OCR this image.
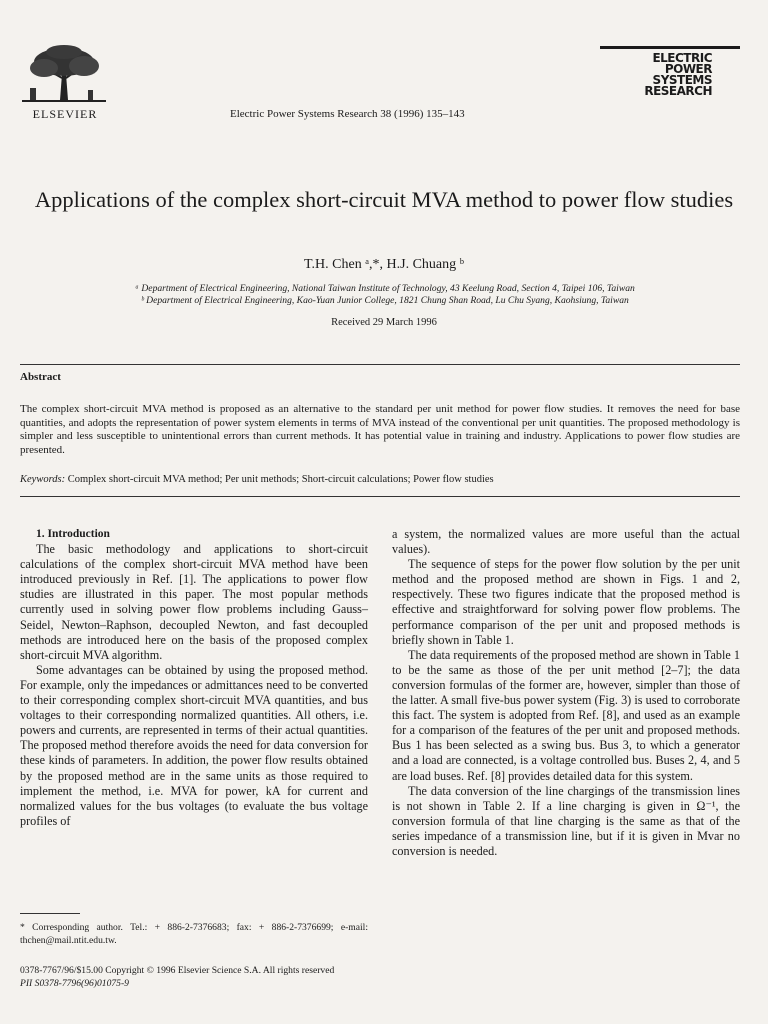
ELSEVIER	Electric Power Systems Research 38 (1996) 135–143
ELECTRIC
POWER
SYSTEMS
RESEARCH
Applications of the complex short-circuit MVA method to power flow studies
T.H. Chen ᵃ,*, H.J. Chuang ᵇ
ᵃ Department of Electrical Engineering, National Taiwan Institute of Technology, 43 Keelung Road, Section 4, Taipei 106, Taiwan
ᵇ Department of Electrical Engineering, Kao-Yuan Junior College, 1821 Chung Shan Road, Lu Chu Syang, Kaohsiung, Taiwan
Received 29 March 1996
Abstract
The complex short-circuit MVA method is proposed as an alternative to the standard per unit method for power flow studies. It removes the need for base quantities, and adopts the representation of power system elements in terms of MVA instead of the conventional per unit quantities. The proposed methodology is simpler and less susceptible to unintentional errors than current methods. It has potential value in training and industry. Applications to power flow studies are presented.
Keywords: Complex short-circuit MVA method; Per unit methods; Short-circuit calculations; Power flow studies

1. Introduction

The basic methodology and applications to short-circuit calculations of the complex short-circuit MVA method have been introduced previously in Ref. [1]. The applications to power flow studies are illustrated in this paper. The most popular methods currently used in solving power flow problems including Gauss–Seidel, Newton–Raphson, decoupled Newton, and fast decoupled methods are introduced here on the basis of the proposed complex short-circuit MVA algorithm.

Some advantages can be obtained by using the proposed method. For example, only the impedances or admittances need to be converted to their corresponding complex short-circuit MVA quantities, and bus voltages to their corresponding normalized quantities. All others, i.e. powers and currents, are represented in terms of their actual quantities. The proposed method therefore avoids the need for data conversion for these kinds of parameters. In addition, the power flow results obtained by the proposed method are in the same units as those required to implement the method, i.e. MVA for power, kA for current and normalized values for the bus voltages (to evaluate the bus voltage profiles of

a system, the normalized values are more useful than the actual values).

The sequence of steps for the power flow solution by the per unit method and the proposed method are shown in Figs. 1 and 2, respectively. These two figures indicate that the proposed method is effective and straightforward for solving power flow problems. The performance comparison of the per unit and proposed methods is briefly shown in Table 1.

The data requirements of the proposed method are shown in Table 1 to be the same as those of the per unit method [2–7]; the data conversion formulas of the former are, however, simpler than those of the latter. A small five-bus power system (Fig. 3) is used to corroborate this fact. The system is adopted from Ref. [8], and used as an example for a comparison of the features of the per unit and proposed methods. Bus 1 has been selected as a swing bus. Bus 3, to which a generator and a load are connected, is a voltage controlled bus. Buses 2, 4, and 5 are load buses. Ref. [8] provides detailed data for this system.

The data conversion of the line chargings of the transmission lines is not shown in Table 2. If a line charging is given in Ω⁻¹, the conversion formula of that line charging is the same as that of the series impedance of a transmission line, but if it is given in Mvar no conversion is needed.

* Corresponding author. Tel.: + 886-2-7376683; fax: + 886-2-7376699; e-mail: thchen@mail.ntit.edu.tw.
0378-7767/96/$15.00 Copyright © 1996 Elsevier Science S.A. All rights reserved
PII S0378-7796(96)01075-9
